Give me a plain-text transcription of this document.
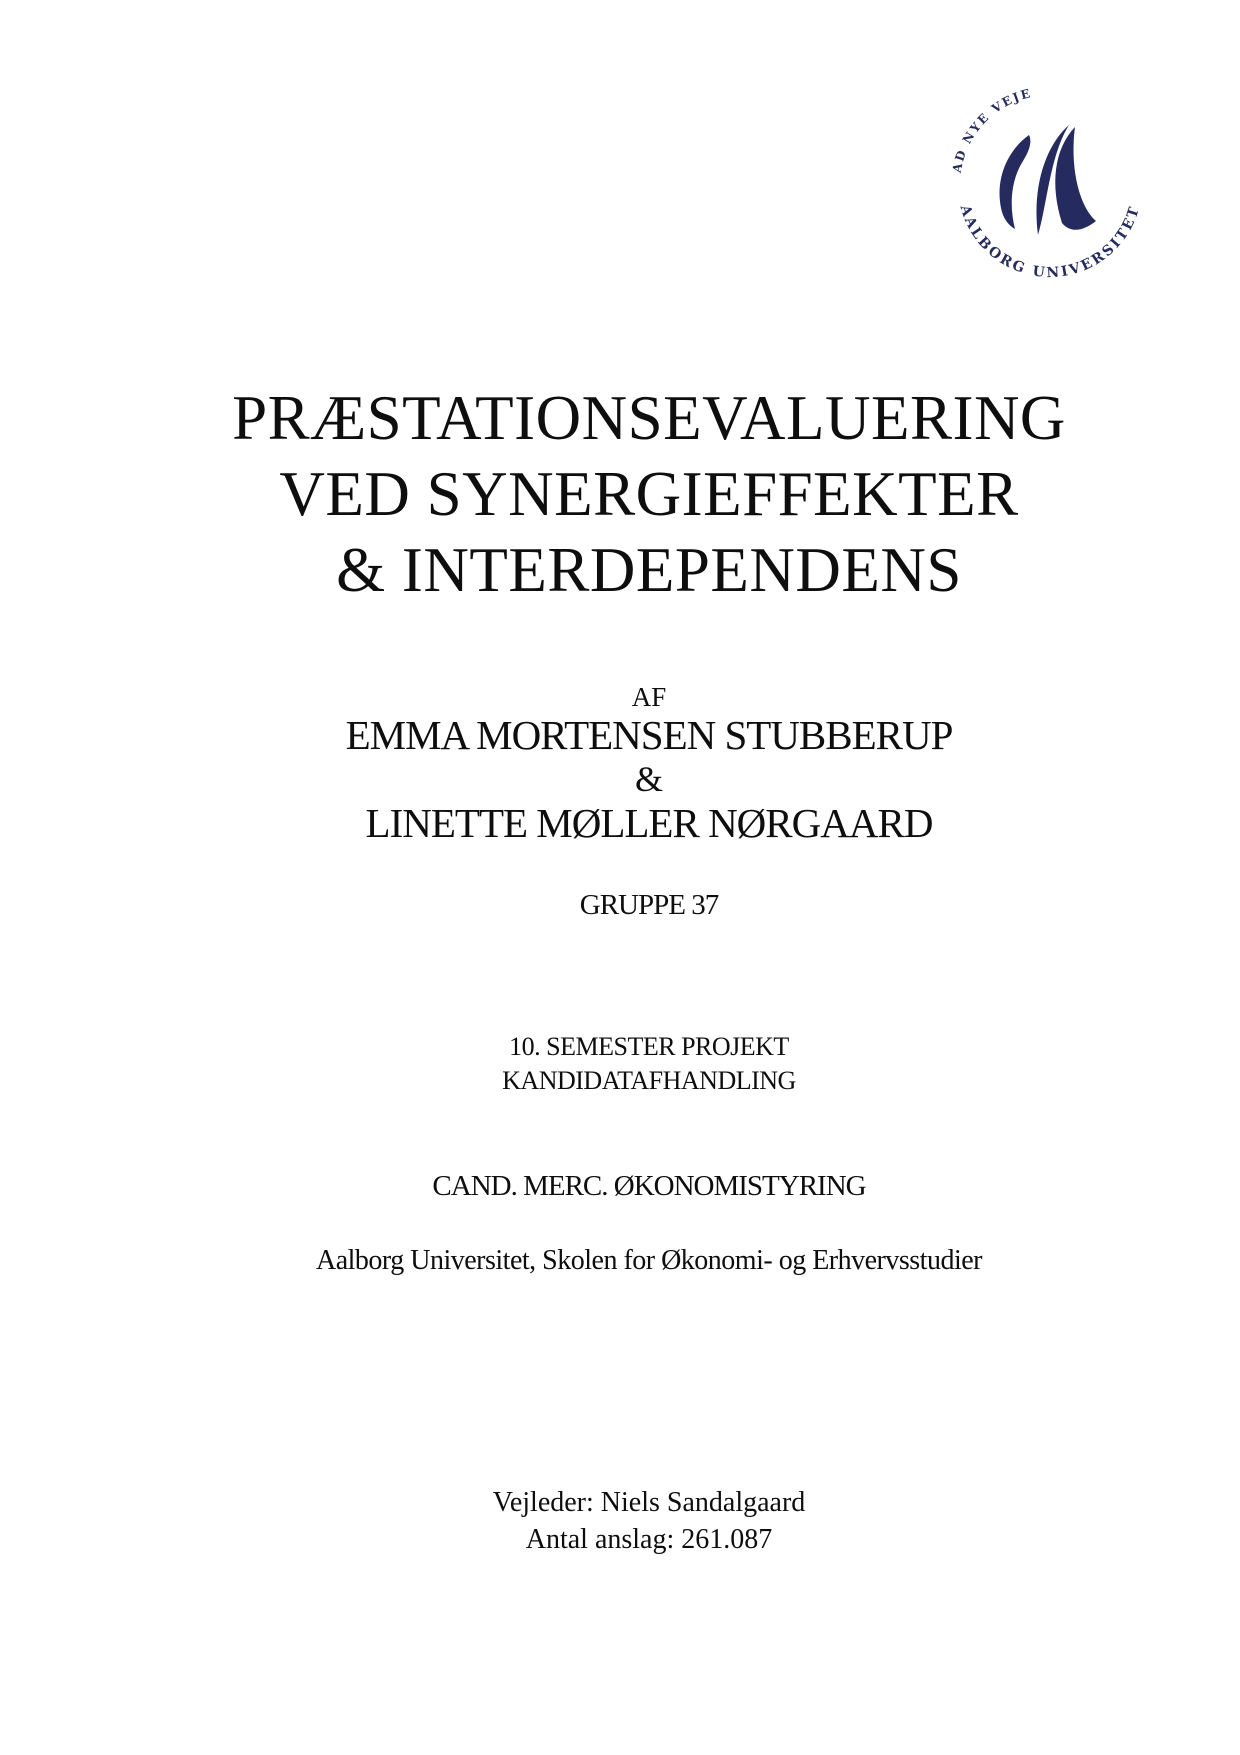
AD NYE VEJE
AALBORG UNIVERSITET
PRÆSTATIONSEVALUERING
VED SYNERGIEFFEKTER
& INTERDEPENDENS
AF
EMMA MORTENSEN STUBBERUP
&
LINETTE MØLLER NØRGAARD
GRUPPE 37
10. SEMESTER PROJEKT
KANDIDATAFHANDLING
CAND. MERC. ØKONOMISTYRING
Aalborg Universitet, Skolen for Økonomi- og Erhvervsstudier
Vejleder: Niels Sandalgaard
Antal anslag: 261.087
